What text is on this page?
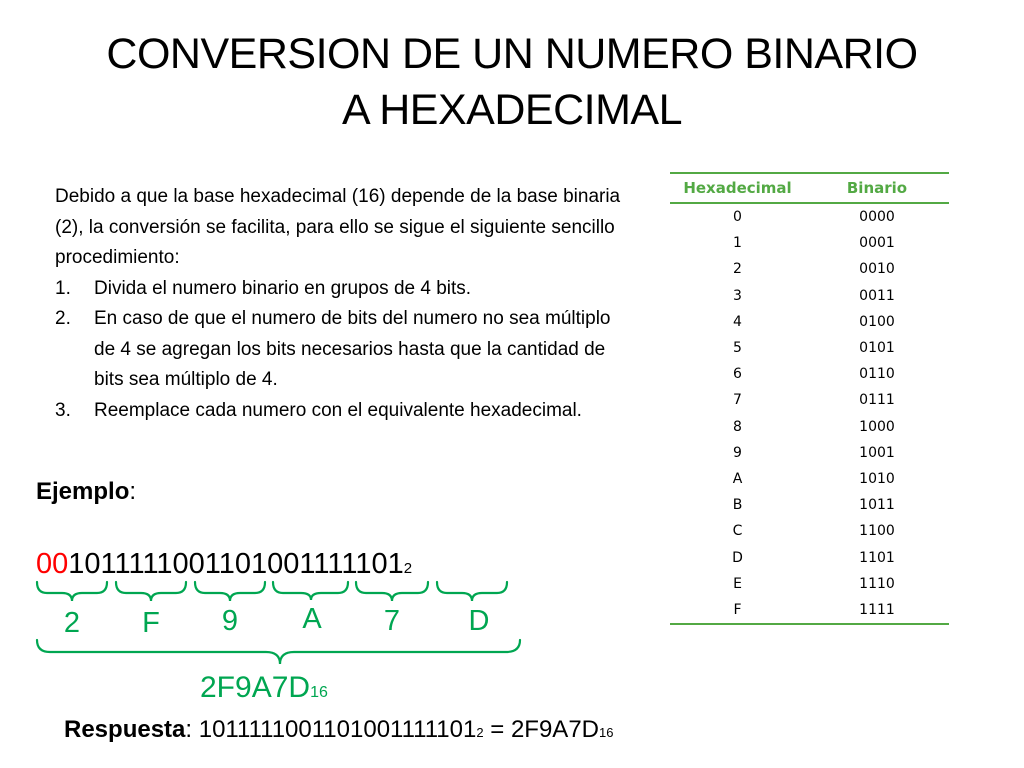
CONVERSION DE UN NUMERO BINARIO
A HEXADECIMAL

Debido a que la base hexadecimal (16) depende de la base binaria (2), la conversión se facilita, para ello se sigue el siguiente sencillo procedimiento:

1. Divida el numero binario en grupos de 4 bits.
2. En caso de que el numero de bits del numero no sea múltiplo de 4 se agregan los bits necesarios hasta que la cantidad de bits sea múltiplo de 4.
3. Reemplace cada numero con el equivalente hexadecimal.
Hexadecimal	Binario
0	0000
1	0001
2	0010
3	0011
4	0100
5	0101
6	0110
7	0111
8	1000
9	1001
A	1010
B	1011
C	1100
D	1101
E	1110
F	1111
Ejemplo:
0010111110011010011111012
2	F	9	A	7	D
2F9A7D16
Respuesta: 10111110011010011111012 = 2F9A7D16
